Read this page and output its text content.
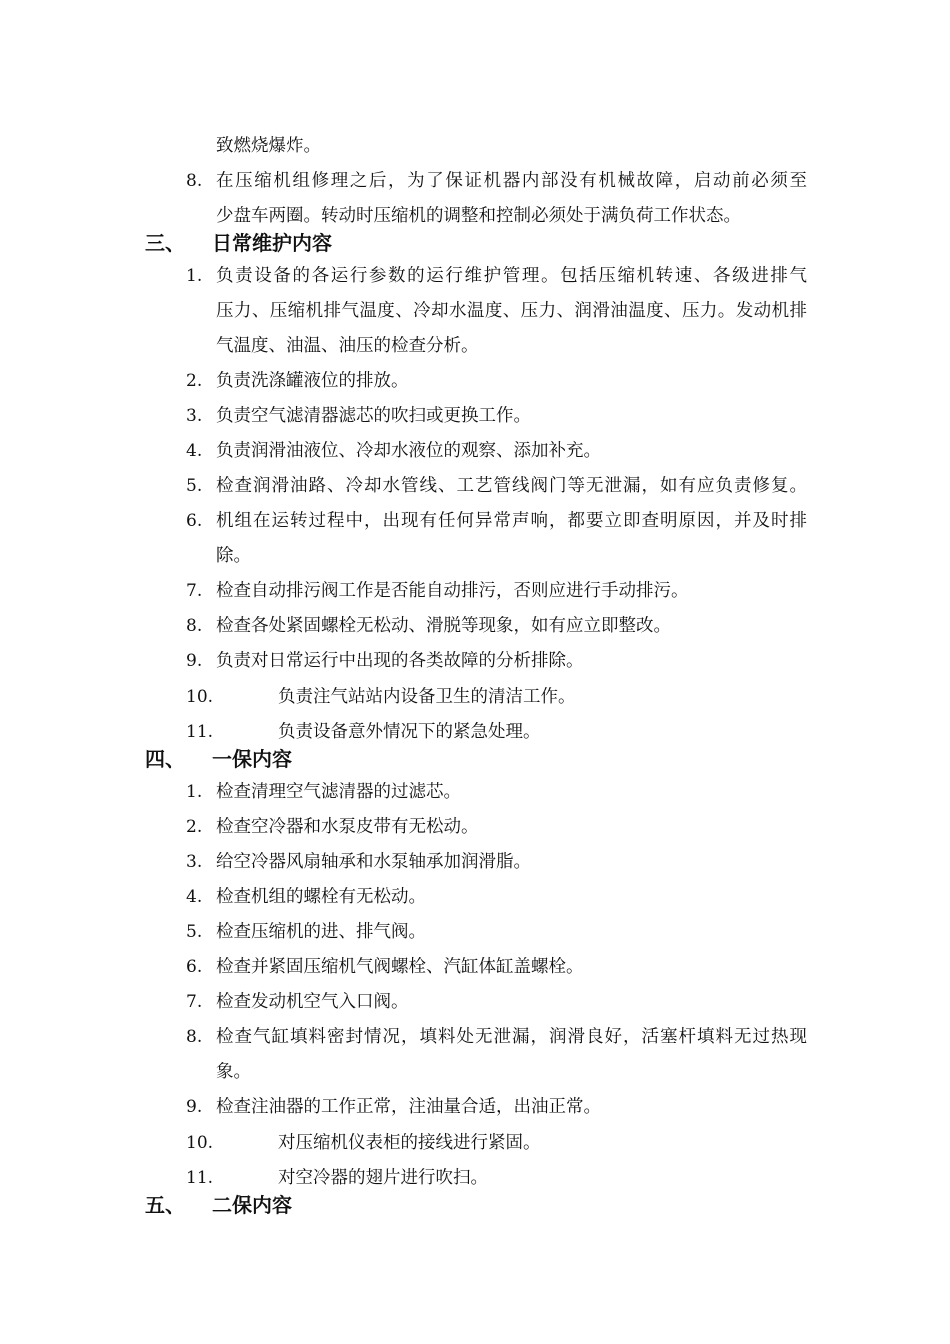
致燃烧爆炸。
8. 在压缩机组修理之后，为了保证机器内部没有机械故障，启动前必须至
少盘车两圈。转动时压缩机的调整和控制必须处于满负荷工作状态。
三、 日常维护内容
1. 负责设备的各运行参数的运行维护管理。包括压缩机转速、各级进排气
压力、压缩机排气温度、冷却水温度、压力、润滑油温度、压力。发动机排
气温度、油温、油压的检查分析。
2. 负责洗涤罐液位的排放。
3. 负责空气滤清器滤芯的吹扫或更换工作。
4. 负责润滑油液位、冷却水液位的观察、添加补充。
5. 检查润滑油路、冷却水管线、工艺管线阀门等无泄漏，如有应负责修复。
6. 机组在运转过程中，出现有任何异常声响，都要立即查明原因，并及时排
除。
7. 检查自动排污阀工作是否能自动排污，否则应进行手动排污。
8. 检查各处紧固螺栓无松动、滑脱等现象，如有应立即整改。
9. 负责对日常运行中出现的各类故障的分析排除。
10.	负责注气站站内设备卫生的清洁工作。
11.	负责设备意外情况下的紧急处理。
四、 一保内容
1. 检查清理空气滤清器的过滤芯。
2. 检查空冷器和水泵皮带有无松动。
3. 给空冷器风扇轴承和水泵轴承加润滑脂。
4. 检查机组的螺栓有无松动。
5. 检查压缩机的进、排气阀。
6. 检查并紧固压缩机气阀螺栓、汽缸体缸盖螺栓。
7. 检查发动机空气入口阀。
8. 检查气缸填料密封情况，填料处无泄漏，润滑良好，活塞杆填料无过热现
象。
9. 检查注油器的工作正常，注油量合适，出油正常。
10.	对压缩机仪表柜的接线进行紧固。
11.	对空冷器的翅片进行吹扫。
五、 二保内容
